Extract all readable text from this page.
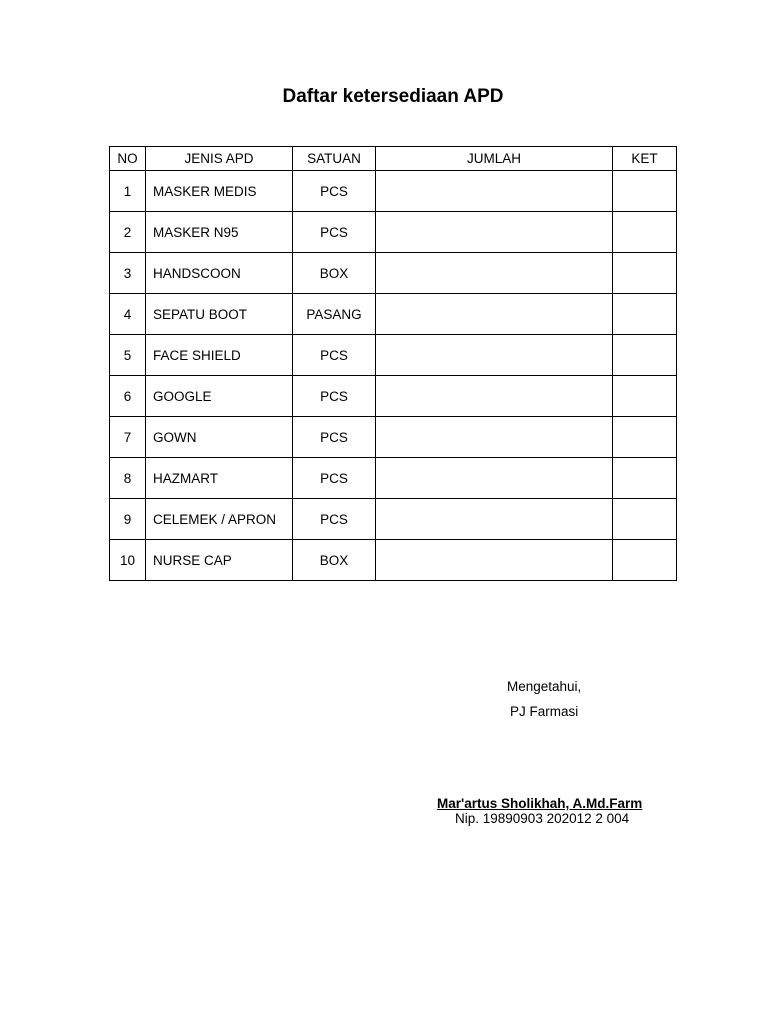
Daftar ketersediaan APD
NO	JENIS APD	SATUAN	JUMLAH	KET
1	MASKER MEDIS	PCS		
2	MASKER N95	PCS		
3	HANDSCOON	BOX		
4	SEPATU BOOT	PASANG		
5	FACE SHIELD	PCS		
6	GOOGLE	PCS		
7	GOWN	PCS		
8	HAZMART	PCS		
9	CELEMEK / APRON	PCS		
10	NURSE CAP	BOX		
Mengetahui,
PJ Farmasi
Mar'artus Sholikhah, A.Md.Farm
Nip. 19890903 202012 2 004
